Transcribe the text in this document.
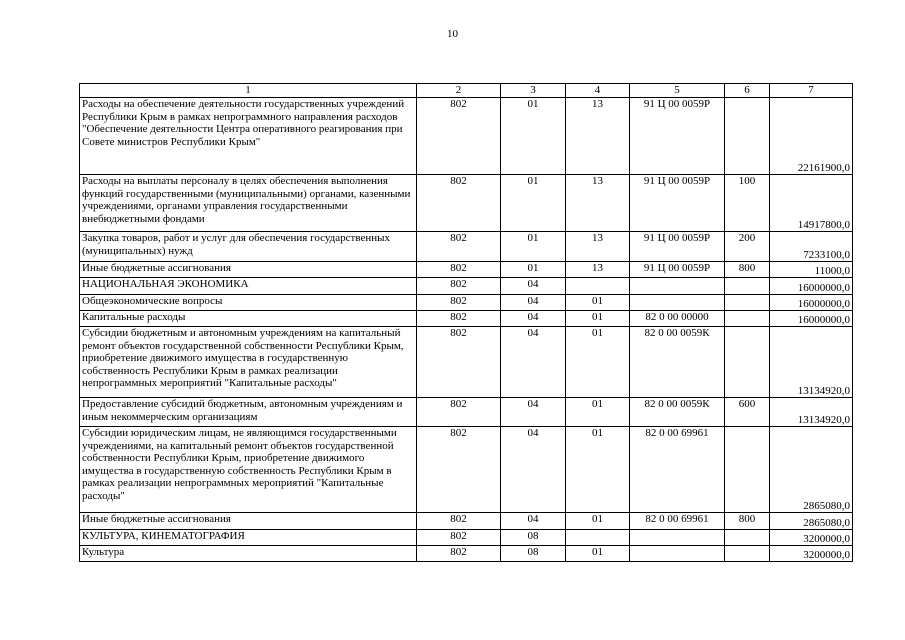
10
1	2	3	4	5	6	7
Расходы на обеспечение деятельности государственных учреждений Республики Крым в рамках непрограммного направления расходов "Обеспечение деятельности Центра оперативного реагирования при Совете министров Республики Крым"	802	01	13	91 Ц 00 0059Р		22161900,0
Расходы на выплаты персоналу в целях обеспечения выполнения функций государственными (муниципальными) органами, казенными учреждениями, органами управления государственными внебюджетными фондами	802	01	13	91 Ц 00 0059Р	100	14917800,0
Закупка товаров, работ и услуг для обеспечения государственных (муниципальных) нужд	802	01	13	91 Ц 00 0059Р	200	7233100,0
Иные бюджетные ассигнования	802	01	13	91 Ц 00 0059Р	800	11000,0
НАЦИОНАЛЬНАЯ ЭКОНОМИКА	802	04				16000000,0
Общеэкономические вопросы	802	04	01			16000000,0
Капитальные расходы	802	04	01	82 0 00 00000		16000000,0
Субсидии бюджетным и автономным учреждениям на капитальный ремонт объектов государственной собственности Республики Крым, приобретение движимого имущества в государственную собственность Республики Крым в рамках реализации непрограммных мероприятий "Капитальные расходы"	802	04	01	82 0 00 0059К		13134920,0
Предоставление субсидий бюджетным, автономным учреждениям и иным некоммерческим организациям	802	04	01	82 0 00 0059К	600	13134920,0
Субсидии юридическим лицам, не являющимся государственными учреждениями, на капитальный ремонт объектов государственной собственности Республики Крым, приобретение движимого имущества в государственную собственность Республики Крым в рамках реализации непрограммных мероприятий "Капитальные расходы"	802	04	01	82 0 00 69961		2865080,0
Иные бюджетные ассигнования	802	04	01	82 0 00 69961	800	2865080,0
КУЛЬТУРА, КИНЕМАТОГРАФИЯ	802	08				3200000,0
Культура	802	08	01			3200000,0
